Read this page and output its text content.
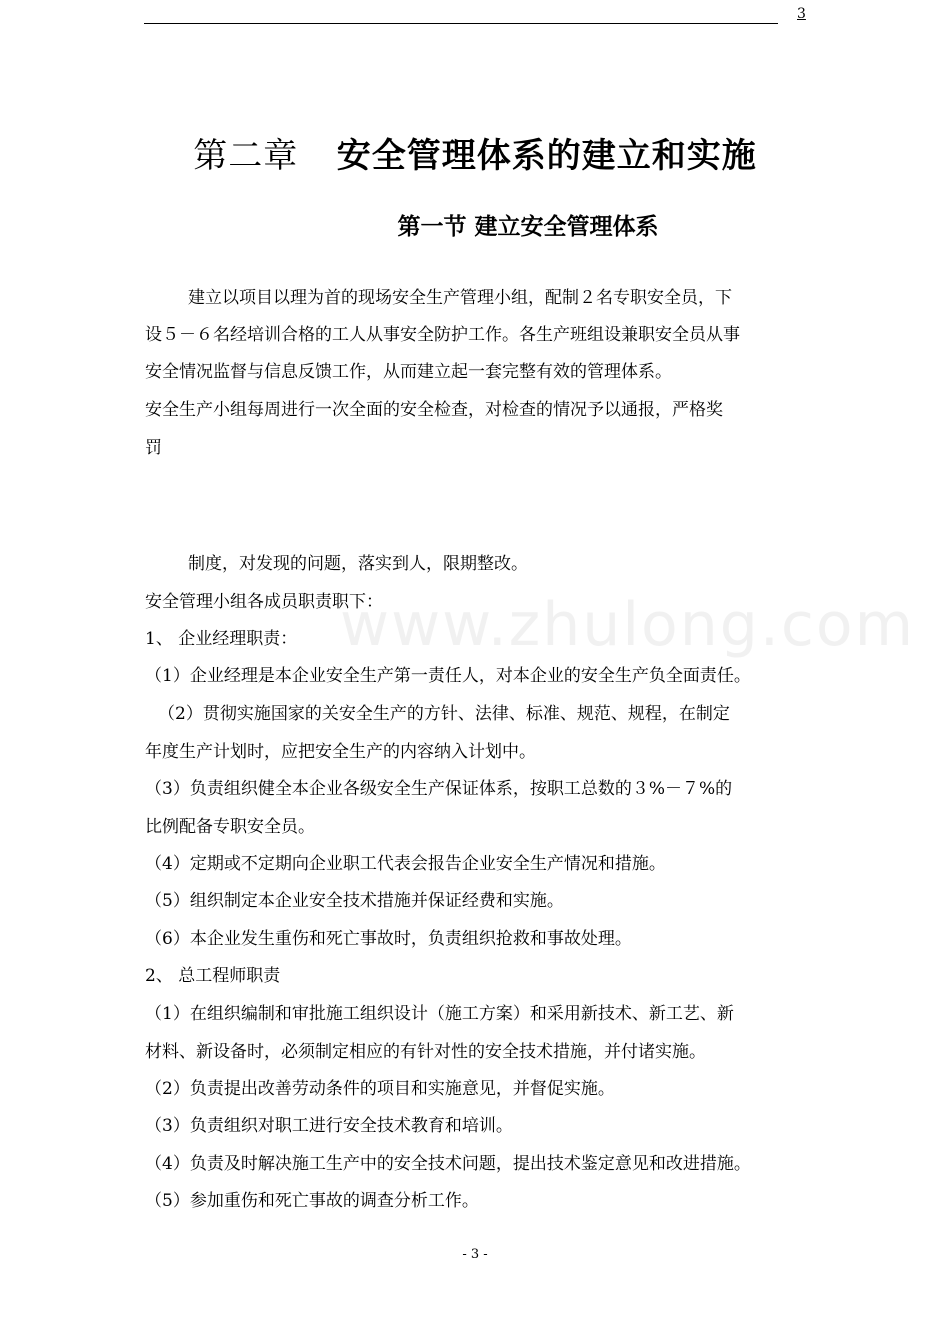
3
www.zhulong.com
第二章 安全管理体系的建立和实施
第一节 建立安全管理体系
建立以项目以理为首的现场安全生产管理小组，配制２名专职安全员，下
设５－６名经培训合格的工人从事安全防护工作。各生产班组设兼职安全员从事
安全情况监督与信息反馈工作，从而建立起一套完整有效的管理体系。
安全生产小组每周进行一次全面的安全检查，对检查的情况予以通报，严格奖
罚
制度，对发现的问题，落实到人，限期整改。
安全管理小组各成员职责职下：
1、 企业经理职责：
（1）企业经理是本企业安全生产第一责任人，对本企业的安全生产负全面责任。
（2）贯彻实施国家的关安全生产的方针、法律、标准、规范、规程，在制定
年度生产计划时，应把安全生产的内容纳入计划中。
（3）负责组织健全本企业各级安全生产保证体系，按职工总数的３%－７%的
比例配备专职安全员。
（4）定期或不定期向企业职工代表会报告企业安全生产情况和措施。
（5）组织制定本企业安全技术措施并保证经费和实施。
（6）本企业发生重伤和死亡事故时，负责组织抢救和事故处理。
2、 总工程师职责
（1）在组织编制和审批施工组织设计（施工方案）和采用新技术、新工艺、新
材料、新设备时，必须制定相应的有针对性的安全技术措施，并付诸实施。
（2）负责提出改善劳动条件的项目和实施意见，并督促实施。
（3）负责组织对职工进行安全技术教育和培训。
（4）负责及时解决施工生产中的安全技术问题，提出技术鉴定意见和改进措施。
（5）参加重伤和死亡事故的调查分析工作。
- 3 -
